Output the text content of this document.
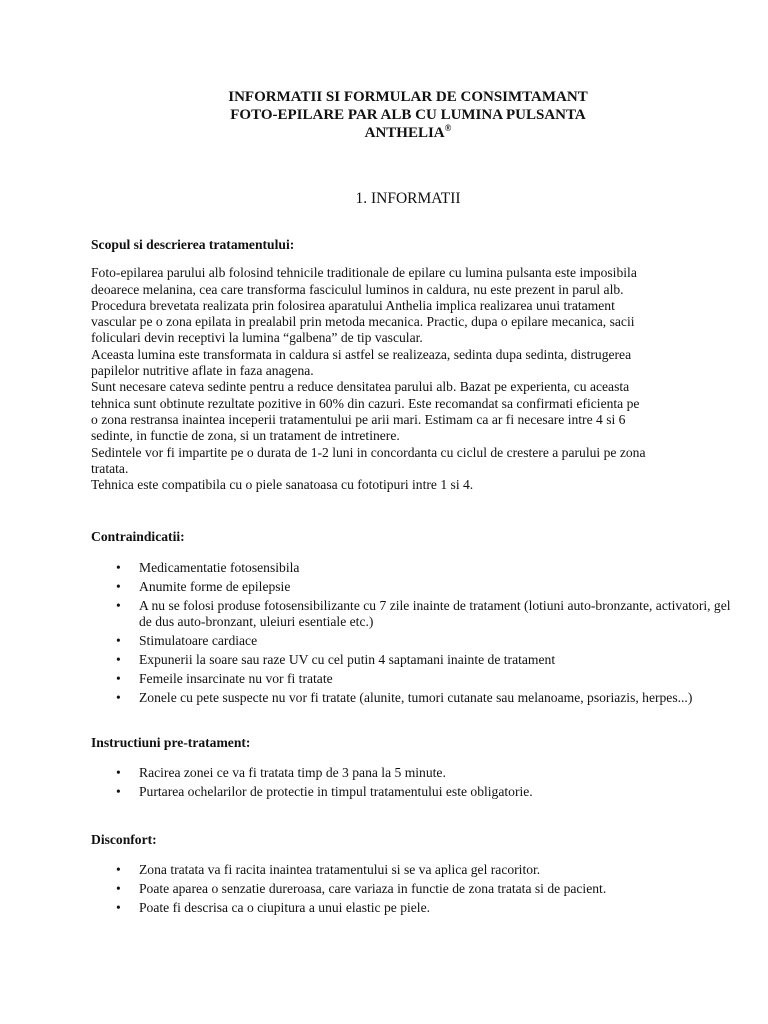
INFORMATII SI FORMULAR DE CONSIMTAMANT
FOTO-EPILARE PAR ALB CU LUMINA PULSANTA
ANTHELIA®
1. INFORMATII
Scopul si descrierea tratamentului:
Foto-epilarea parului alb folosind tehnicile traditionale de epilare cu lumina pulsanta este imposibila
deoarece melanina, cea care transforma fasciculul luminos in caldura, nu este prezent in parul alb.
Procedura brevetata realizata prin folosirea aparatului Anthelia implica realizarea unui tratament
vascular pe o zona epilata in prealabil prin metoda mecanica. Practic, dupa o epilare mecanica, sacii
foliculari devin receptivi la lumina “galbena” de tip vascular.
Aceasta lumina este transformata in caldura si astfel se realizeaza, sedinta dupa sedinta, distrugerea
papilelor nutritive aflate in faza anagena.
Sunt necesare cateva sedinte pentru a reduce densitatea parului alb. Bazat pe experienta, cu aceasta
tehnica sunt obtinute rezultate pozitive in 60% din cazuri. Este recomandat sa confirmati eficienta pe
o zona restransa inaintea inceperii tratamentului pe arii mari. Estimam ca ar fi necesare intre 4 si 6
sedinte, in functie de zona, si un tratament de intretinere.
Sedintele vor fi impartite pe o durata de 1-2 luni in concordanta cu ciclul de crestere a parului pe zona
tratata.
Tehnica este compatibila cu o piele sanatoasa cu fototipuri intre 1 si 4.
Contraindicatii:
• Medicamentatie fotosensibila
• Anumite forme de epilepsie
• A nu se folosi produse fotosensibilizante cu 7 zile inainte de tratament (lotiuni auto-bronzante, activatori, gel de dus auto-bronzant, uleiuri esentiale etc.)
• Stimulatoare cardiace
• Expunerii la soare sau raze UV cu cel putin 4 saptamani inainte de tratament
• Femeile insarcinate nu vor fi tratate
• Zonele cu pete suspecte nu vor fi tratate (alunite, tumori cutanate sau melanoame, psoriazis, herpes...)
Instructiuni pre-tratament:
• Racirea zonei ce va fi tratata timp de 3 pana la 5 minute.
• Purtarea ochelarilor de protectie in timpul tratamentului este obligatorie.
Disconfort:
• Zona tratata va fi racita inaintea tratamentului si se va aplica gel racoritor.
• Poate aparea o senzatie dureroasa, care variaza in functie de zona tratata si de pacient.
• Poate fi descrisa ca o ciupitura a unui elastic pe piele.
